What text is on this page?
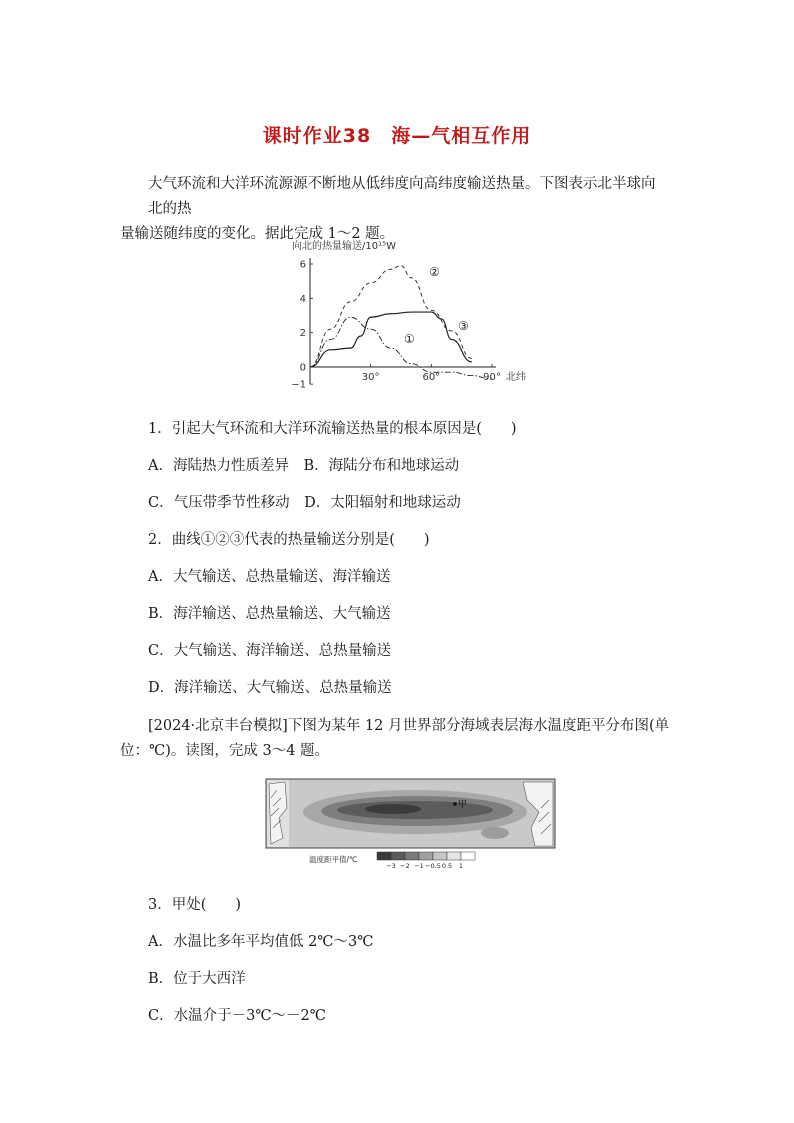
课时作业38　海—气相互作用
大气环流和大洋环流源源不断地从低纬度向高纬度输送热量。下图表示北半球向北的热
量输送随纬度的变化。据此完成 1～2 题。
向北的热量输送/10¹⁵W
6
4
2
0
−1
30°	60°	90° 北纬
①
②
③
1．引起大气环流和大洋环流输送热量的根本原因是(　　)
A．海陆热力性质差异　B．海陆分布和地球运动
C．气压带季节性移动　D．太阳辐射和地球运动
2．曲线①②③代表的热量输送分别是(　　)
A．大气输送、总热量输送、海洋输送
B．海洋输送、总热量输送、大气输送
C．大气输送、海洋输送、总热量输送
D．海洋输送、大气输送、总热量输送
[2024·北京丰台模拟]下图为某年 12 月世界部分海域表层海水温度距平分布图(单
位：℃)。读图，完成 3～4 题。
甲
温度距平值/℃
−3 −2 −1 −0.5 0.5 1
3．甲处(　　)
A．水温比多年平均值低 2℃～3℃
B．位于大西洋
C．水温介于－3℃～－2℃
